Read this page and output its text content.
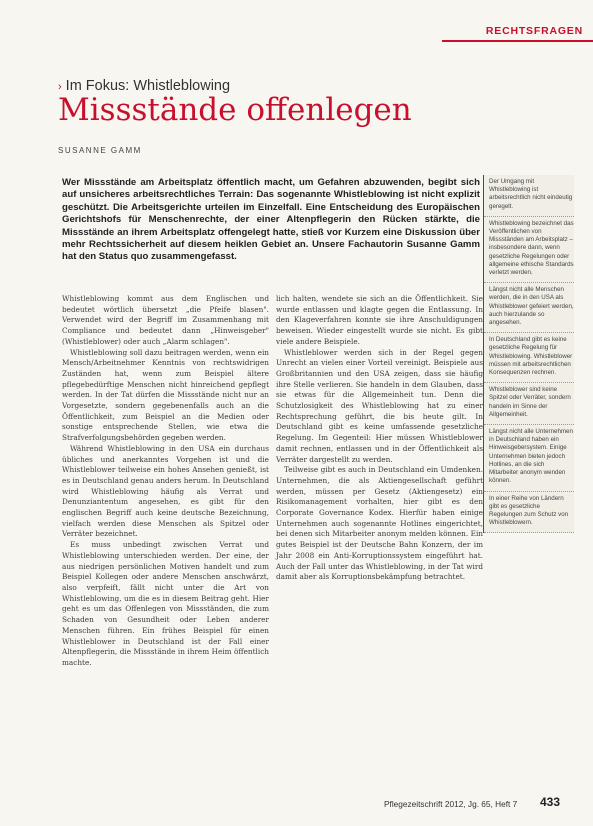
RECHTSFRAGEN
› Im Fokus: Whistleblowing
Missstände offenlegen
SUSANNE GAMM
Wer Missstände am Arbeitsplatz öffentlich macht, um Gefahren abzuwenden, begibt sich auf unsicheres arbeitsrechtliches Terrain: Das sogenannte Whistleblowing ist nicht explizit geschützt. Die Arbeitsgerichte urteilen im Einzelfall. Eine Entscheidung des Europäischen Gerichtshofs für Menschenrechte, der einer Altenpflegerin den Rücken stärkte, die Missstände an ihrem Arbeitsplatz offengelegt hatte, stieß vor Kurzem eine Diskussion über mehr Rechtssicherheit auf diesem heiklen Gebiet an. Unsere Fachautorin Susanne Gamm hat den Status quo zusammengefasst.

Whistleblowing kommt aus dem Englischen und bedeutet wörtlich übersetzt „die Pfeife blasen". Verwendet wird der Begriff im Zusammenhang mit Compliance und bedeutet dann „Hinweisgeber" (Whistleblower) oder auch „Alarm schlagen".

Whistleblowing soll dazu beitragen werden, wenn ein Mensch/Arbeitnehmer Kenntnis von rechtswidrigen Zuständen hat, wenn zum Beispiel ältere pflegebedürftige Menschen nicht hinreichend gepflegt werden. In der Tat dürfen die Missstände nicht nur an Vorgesetzte, sondern gegebenenfalls auch an die Öffentlichkeit, zum Beispiel an die Medien oder sonstige entsprechende Stellen, wie etwa die Strafverfolgungsbehörden gegeben werden.

Während Whistleblowing in den USA ein durchaus übliches und anerkanntes Vorgehen ist und die Whistleblower teilweise ein hohes Ansehen genießt, ist es in Deutschland genau anders herum. In Deutschland wird Whistleblowing häufig als Verrat und Denunziantentum angesehen, es gibt für den englischen Begriff auch keine deutsche Bezeichnung, vielfach werden diese Menschen als Spitzel oder Verräter bezeichnet.

Es muss unbedingt zwischen Verrat und Whistleblowing unterschieden werden. Der eine, der aus niedrigen persönlichen Motiven handelt und zum Beispiel Kollegen oder andere Menschen anschwärzt, also verpfeift, fällt nicht unter die Art von Whistleblowing, um die es in diesem Beitrag geht. Hier geht es um das Offenlegen von Missständen, die zum Schaden von Gesundheit oder Leben anderer Menschen führen. Ein frühes Beispiel für einen Whistleblower in Deutschland ist der Fall einer Altenpflegerin, die Missstände in ihrem Heim öffentlich machte.

lich halten, wendete sie sich an die Öffentlichkeit. Sie wurde entlassen und klagte gegen die Entlassung. In den Klageverfahren konnte sie ihre Anschuldigungen beweisen. Wieder eingestellt wurde sie nicht. Es gibt viele andere Beispiele.

Whistleblower werden sich in der Regel gegen Unrecht an vielen einer Vorteil vereinigt. Beispiele aus Großbritannien und den USA zeigen, dass sie häufig ihre Stelle verlieren. Sie handeln in dem Glauben, dass sie etwas für die Allgemeinheit tun. Denn die Schutzlosigkeit des Whistleblowing hat zu einer Rechtsprechung geführt, die bis heute gilt. In Deutschland gibt es keine umfassende gesetzliche Regelung. Im Gegenteil: Hier müssen Whistleblower damit rechnen, entlassen und in der Öffentlichkeit als Verräter dargestellt zu werden.

Teilweise gibt es auch in Deutschland ein Umdenken. Unternehmen, die als Aktiengesellschaft geführt werden, müssen per Gesetz (Aktiengesetz) ein Risikomanagement vorhalten, hier gibt es den Corporate Governance Kodex. Hierfür haben einige Unternehmen auch sogenannte Hotlines eingerichtet, bei denen sich Mitarbeiter anonym melden können. Ein gutes Beispiel ist der Deutsche Bahn Konzern, der im Jahr 2008 ein Anti-Korruptionssystem eingeführt hat. Auch der Fall unter das Whistleblowing, in der Tat wird damit aber als Korruptionsbekämpfung betrachtet.

Der Umgang mit Whistleblowing ist arbeitsrechtlich nicht eindeutig geregelt.
Whistleblowing bezeichnet das Veröffentlichen von Missständen am Arbeitsplatz – insbesondere dann, wenn gesetzliche Regelungen oder allgemeine ethische Standards verletzt werden.
Längst nicht alle Menschen werden, die in den USA als Whistleblower gefeiert werden, auch hierzulande so angesehen.
In Deutschland gibt es keine gesetzliche Regelung für Whistleblowing. Whistleblower müssen mit arbeitsrechtlichen Konsequenzen rechnen.
Whistleblower sind keine Spitzel oder Verräter, sondern handeln im Sinne der Allgemeinheit.
Längst nicht alle Unternehmen in Deutschland haben ein Hinweisgebersystem. Einige Unternehmen bieten jedoch Hotlines, an die sich Mitarbeiter anonym wenden können.
In einer Reihe von Ländern gibt es gesetzliche Regelungen zum Schutz von Whistleblowern.
Pflegezeitschrift 2012, Jg. 65, Heft 7 433
